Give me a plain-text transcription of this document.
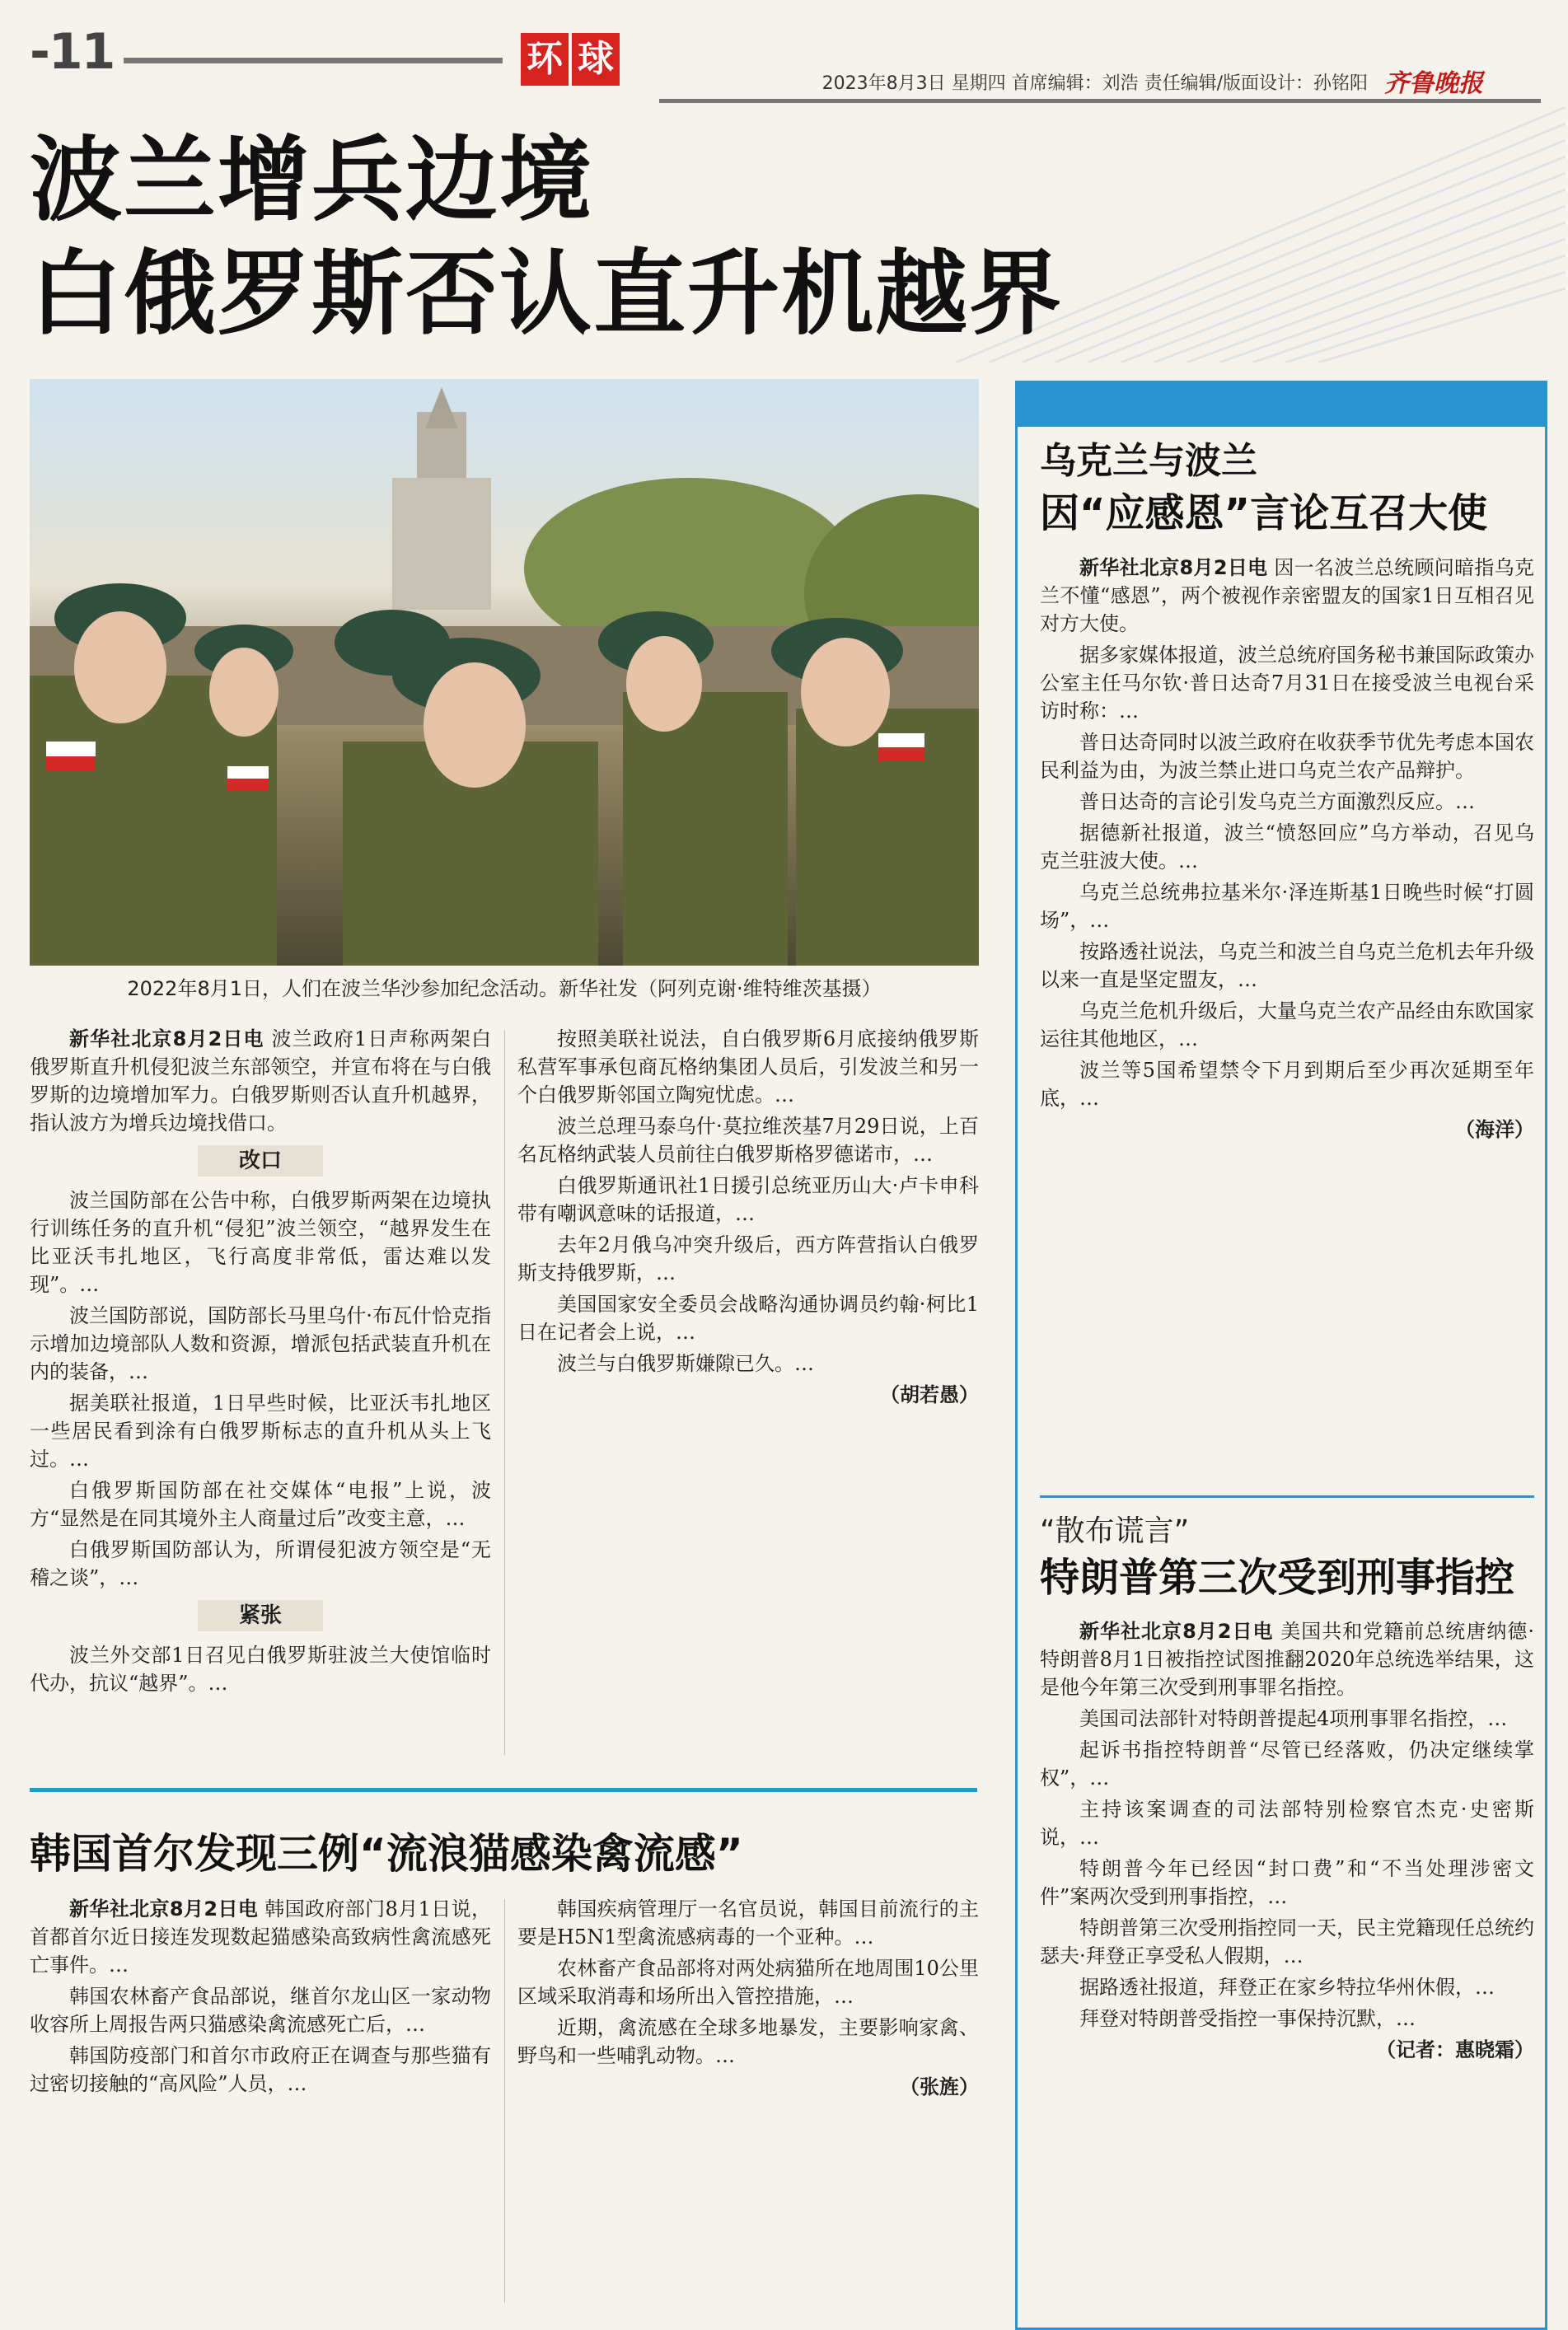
-11	环 球
2023年8月3日 星期四 首席编辑：刘浩 责任编辑/版面设计：孙铭阳 齐鲁晚报
波兰增兵边境
白俄罗斯否认直升机越界
2022年8月1日，人们在波兰华沙参加纪念活动。新华社发（阿列克谢·维特维茨基摄）

新华社北京8月2日电 波兰政府1日声称两架白俄罗斯直升机侵犯波兰东部领空，并宣布将在与白俄罗斯的边境增加军力。白俄罗斯则否认直升机越界，指认波方为增兵边境找借口。

改口

波兰国防部在公告中称，白俄罗斯两架在边境执行训练任务的直升机“侵犯”波兰领空，“越界发生在比亚沃韦扎地区，飞行高度非常低，雷达难以发现”。…

波兰国防部说，国防部长马里乌什·布瓦什恰克指示增加边境部队人数和资源，增派包括武装直升机在内的装备，…

据美联社报道，1日早些时候，比亚沃韦扎地区一些居民看到涂有白俄罗斯标志的直升机从头上飞过。…

白俄罗斯国防部在社交媒体“电报”上说，波方“显然是在同其境外主人商量过后”改变主意，…

白俄罗斯国防部认为，所谓侵犯波方领空是“无稽之谈”，…

紧张

波兰外交部1日召见白俄罗斯驻波兰大使馆临时代办，抗议“越界”。…

按照美联社说法，自白俄罗斯6月底接纳俄罗斯私营军事承包商瓦格纳集团人员后，引发波兰和另一个白俄罗斯邻国立陶宛忧虑。…

波兰总理马泰乌什·莫拉维茨基7月29日说，上百名瓦格纳武装人员前往白俄罗斯格罗德诺市，…

白俄罗斯通讯社1日援引总统亚历山大·卢卡申科带有嘲讽意味的话报道，…

去年2月俄乌冲突升级后，西方阵营指认白俄罗斯支持俄罗斯，…

美国国家安全委员会战略沟通协调员约翰·柯比1日在记者会上说，…

波兰与白俄罗斯嫌隙已久。…

（胡若愚）
乌克兰与波兰
因“应感恩”言论互召大使

新华社北京8月2日电 因一名波兰总统顾问暗指乌克兰不懂“感恩”，两个被视作亲密盟友的国家1日互相召见对方大使。

据多家媒体报道，波兰总统府国务秘书兼国际政策办公室主任马尔钦·普日达奇7月31日在接受波兰电视台采访时称：…

普日达奇同时以波兰政府在收获季节优先考虑本国农民利益为由，为波兰禁止进口乌克兰农产品辩护。

普日达奇的言论引发乌克兰方面激烈反应。…

据德新社报道，波兰“愤怒回应”乌方举动，召见乌克兰驻波大使。…

乌克兰总统弗拉基米尔·泽连斯基1日晚些时候“打圆场”，…

按路透社说法，乌克兰和波兰自乌克兰危机去年升级以来一直是坚定盟友，…

乌克兰危机升级后，大量乌克兰农产品经由东欧国家运往其他地区，…

波兰等5国希望禁令下月到期后至少再次延期至年底，…

（海洋）
“散布谎言”
特朗普第三次受到刑事指控

新华社北京8月2日电 美国共和党籍前总统唐纳德·特朗普8月1日被指控试图推翻2020年总统选举结果，这是他今年第三次受到刑事罪名指控。

美国司法部针对特朗普提起4项刑事罪名指控，…

起诉书指控特朗普“尽管已经落败，仍决定继续掌权”，…

主持该案调查的司法部特别检察官杰克·史密斯说，…

特朗普今年已经因“封口费”和“不当处理涉密文件”案两次受到刑事指控，…

特朗普第三次受刑指控同一天，民主党籍现任总统约瑟夫·拜登正享受私人假期，…

据路透社报道，拜登正在家乡特拉华州休假，…

拜登对特朗普受指控一事保持沉默，…

（记者：惠晓霜）
韩国首尔发现三例“流浪猫感染禽流感”

新华社北京8月2日电 韩国政府部门8月1日说，首都首尔近日接连发现数起猫感染高致病性禽流感死亡事件。…

韩国农林畜产食品部说，继首尔龙山区一家动物收容所上周报告两只猫感染禽流感死亡后，…

韩国防疫部门和首尔市政府正在调查与那些猫有过密切接触的“高风险”人员，…

韩国疾病管理厅一名官员说，韩国目前流行的主要是H5N1型禽流感病毒的一个亚种。…

农林畜产食品部将对两处病猫所在地周围10公里区域采取消毒和场所出入管控措施，…

近期，禽流感在全球多地暴发，主要影响家禽、野鸟和一些哺乳动物。…

（张旌）
